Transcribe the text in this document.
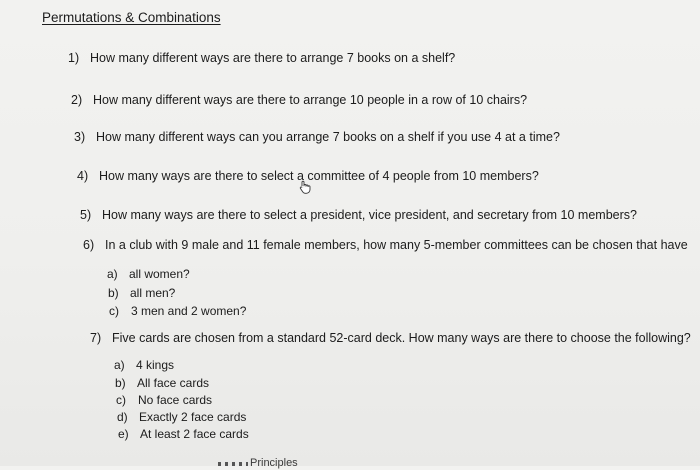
Permutations & Combinations
1) How many different ways are there to arrange 7 books on a shelf?
2) How many different ways are there to arrange 10 people in a row of 10 chairs?
3) How many different ways can you arrange 7 books on a shelf if you use 4 at a time?
4) How many ways are there to select a committee of 4 people from 10 members?
5) How many ways are there to select a president, vice president, and secretary from 10 members?
6) In a club with 9 male and 11 female members, how many 5-member committees can be chosen that have
a) all women?
b) all men?
c) 3 men and 2 women?
7) Five cards are chosen from a standard 52-card deck. How many ways are there to choose the following?
a) 4 kings
b) All face cards
c) No face cards
d) Exactly 2 face cards
e) At least 2 face cards
Principles
